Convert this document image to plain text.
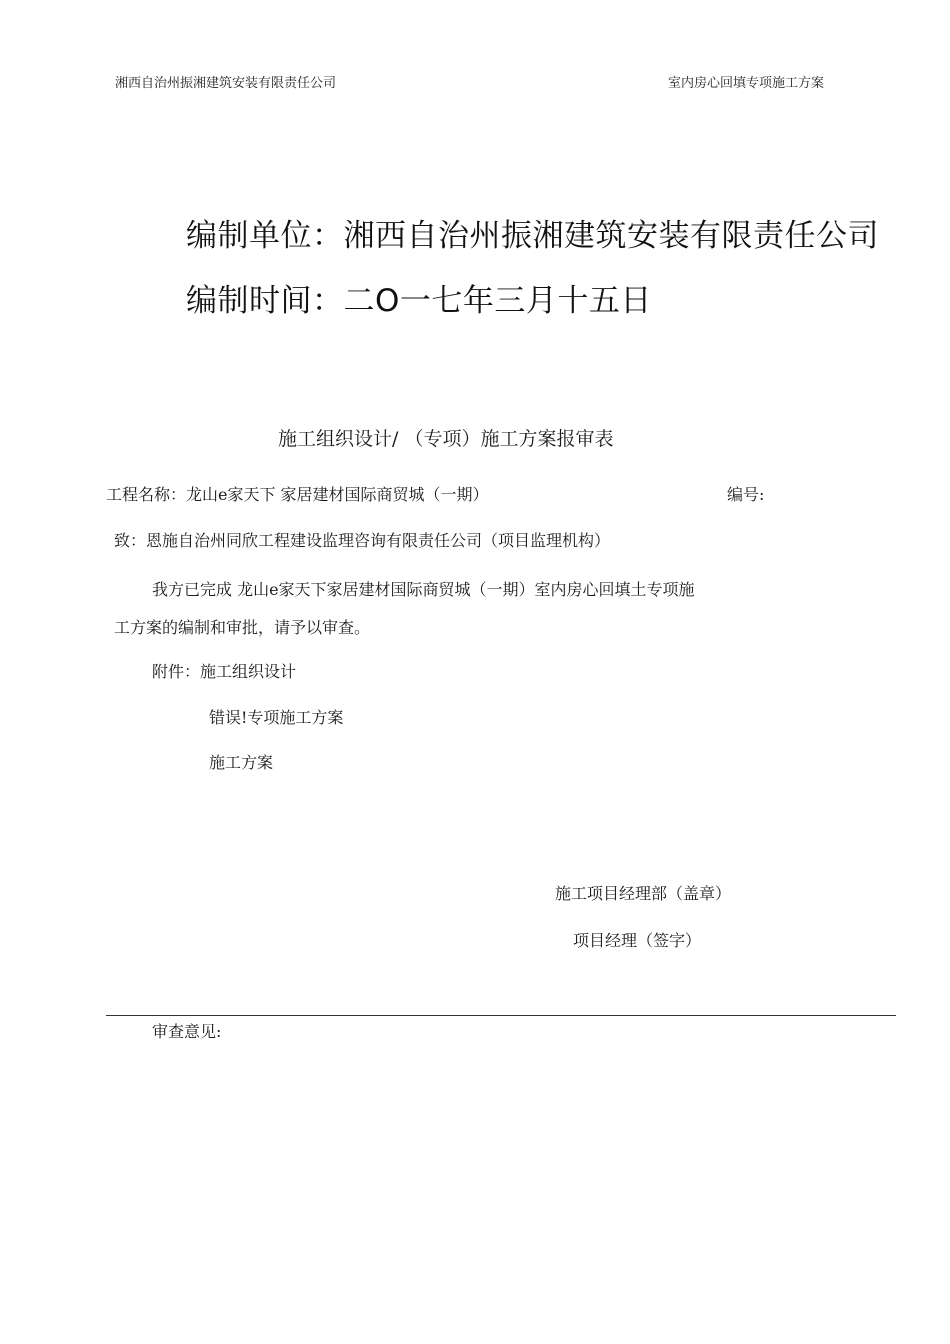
湘西自治州振湘建筑安装有限责任公司	室内房心回填专项施工方案
编制单位：湘西自治州振湘建筑安装有限责任公司
编制时间：二O一七年三月十五日
施工组织设计/ （专项）施工方案报审表
工程名称：龙山e家天下 家居建材国际商贸城（一期）	编号:
致：恩施自治州同欣工程建设监理咨询有限责任公司（项目监理机构）
我方已完成 龙山e家天下家居建材国际商贸城（一期）室内房心回填土专项施
工方案的编制和审批，请予以审查。
附件：施工组织设计
错误!专项施工方案
施工方案
施工项目经理部（盖章）
项目经理（签字）
审查意见:
